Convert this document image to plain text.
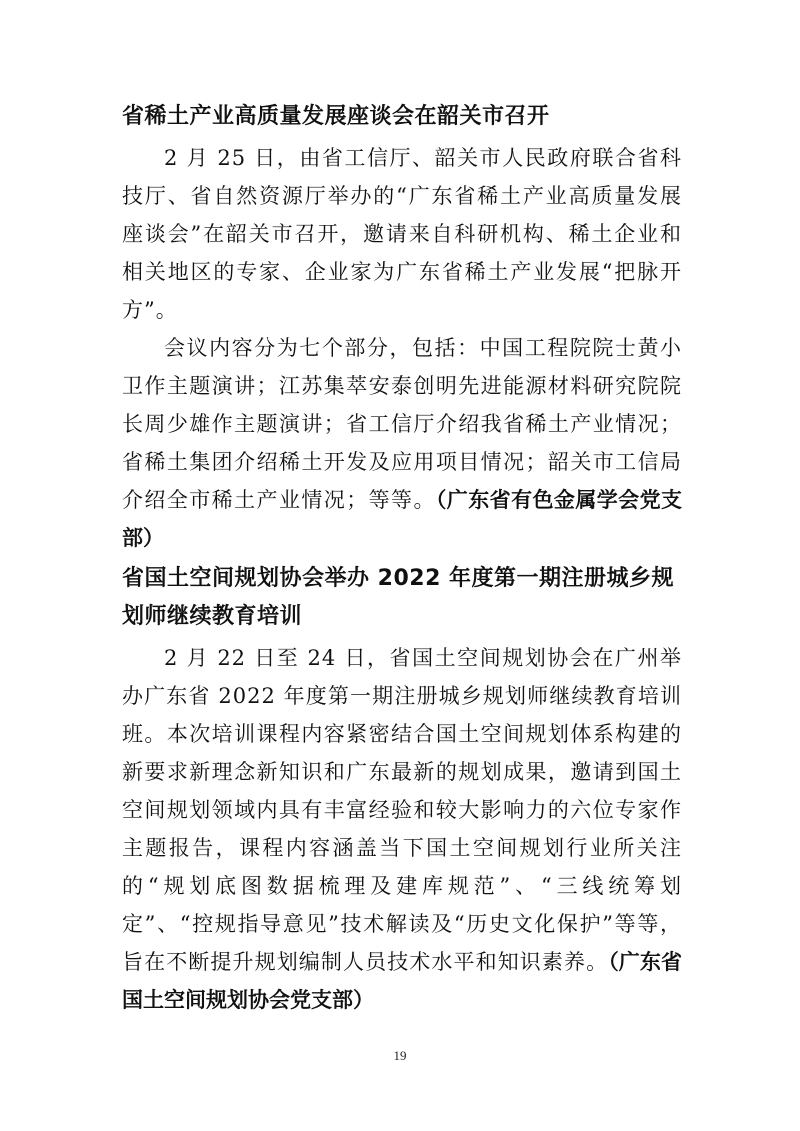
省稀土产业高质量发展座谈会在韶关市召开

2 月 25 日，由省工信厅、韶关市人民政府联合省科技厅、省自然资源厅举办的“广东省稀土产业高质量发展座谈会”在韶关市召开，邀请来自科研机构、稀土企业和相关地区的专家、企业家为广东省稀土产业发展“把脉开方”。

会议内容分为七个部分，包括：中国工程院院士黄小卫作主题演讲；江苏集萃安泰创明先进能源材料研究院院长周少雄作主题演讲；省工信厅介绍我省稀土产业情况；省稀土集团介绍稀土开发及应用项目情况；韶关市工信局介绍全市稀土产业情况；等等。（广东省有色金属学会党支部）

省国土空间规划协会举办 2022 年度第一期注册城乡规划师继续教育培训

2 月 22 日至 24 日，省国土空间规划协会在广州举办广东省 2022 年度第一期注册城乡规划师继续教育培训班。本次培训课程内容紧密结合国土空间规划体系构建的新要求新理念新知识和广东最新的规划成果，邀请到国土空间规划领域内具有丰富经验和较大影响力的六位专家作主题报告，课程内容涵盖当下国土空间规划行业所关注的“规划底图数据梳理及建库规范”、“三线统筹划定”、“控规指导意见”技术解读及“历史文化保护”等等，旨在不断提升规划编制人员技术水平和知识素养。（广东省国土空间规划协会党支部）

19
